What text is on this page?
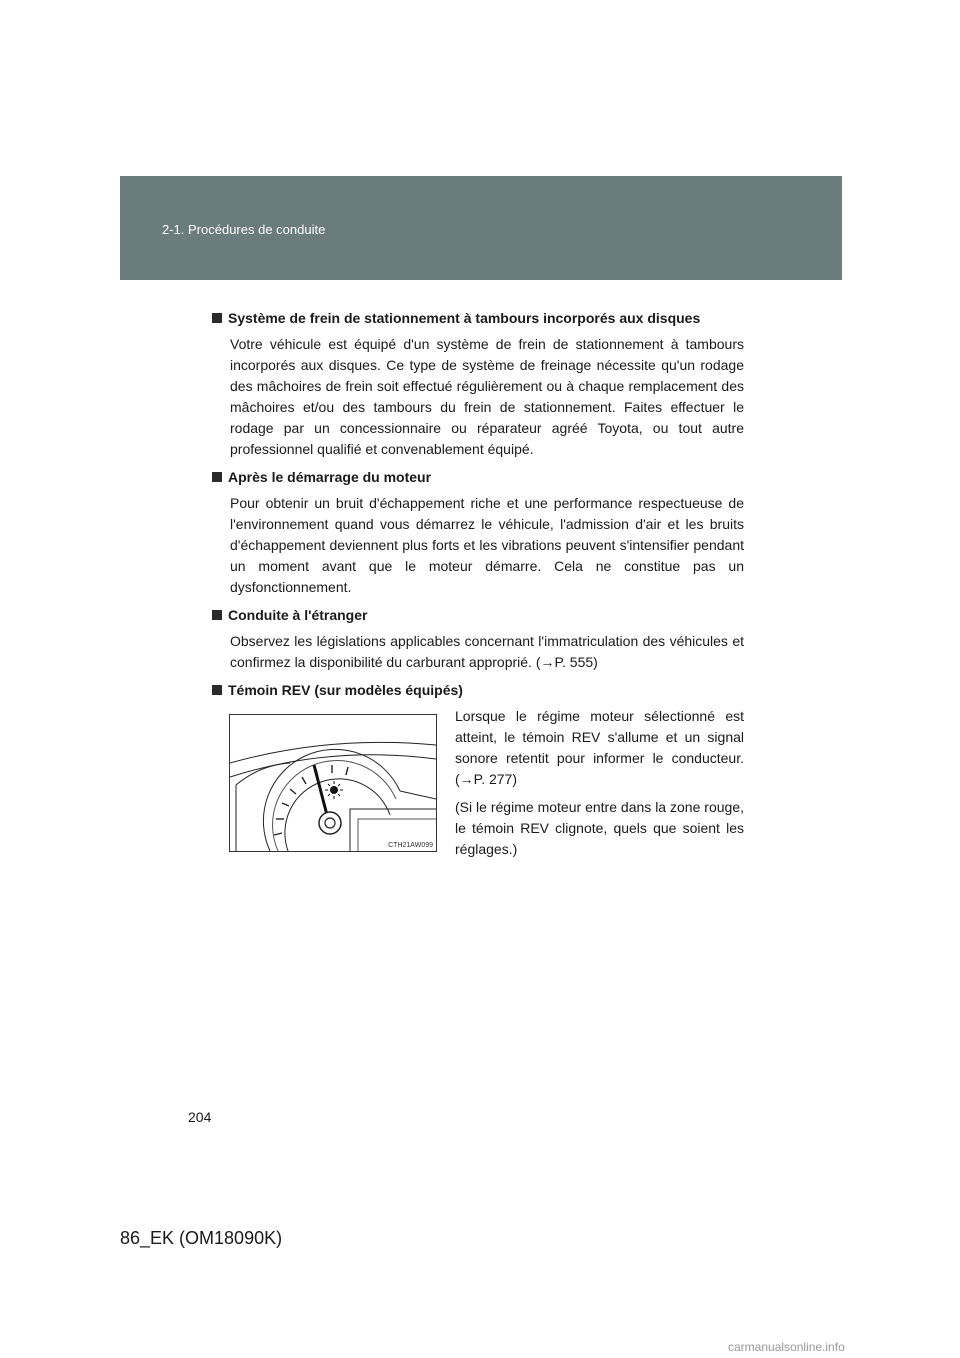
2-1. Procédures de conduite
Système de frein de stationnement à tambours incorporés aux disques

Votre véhicule est équipé d'un système de frein de stationnement à tambours incorporés aux disques. Ce type de système de freinage nécessite qu'un rodage des mâchoires de frein soit effectué régulièrement ou à chaque remplacement des mâchoires et/ou des tambours du frein de stationnement. Faites effectuer le rodage par un concessionnaire ou réparateur agréé Toyota, ou tout autre professionnel qualifié et convenablement équipé.

Après le démarrage du moteur

Pour obtenir un bruit d'échappement riche et une performance respectueuse de l'environnement quand vous démarrez le véhicule, l'admission d'air et les bruits d'échappement deviennent plus forts et les vibrations peuvent s'intensifier pendant un moment avant que le moteur démarre. Cela ne constitue pas un dysfonctionnement.

Conduite à l'étranger

Observez les législations applicables concernant l'immatriculation des véhicules et confirmez la disponibilité du carburant approprié. (→P. 555)

Témoin REV (sur modèles équipés)
CTH21AW099

Lorsque le régime moteur sélectionné est atteint, le témoin REV s'allume et un signal sonore retentit pour informer le conducteur. (→P. 277)

(Si le régime moteur entre dans la zone rouge, le témoin REV clignote, quels que soient les réglages.)

204
86_EK (OM18090K)
carmanualsonline.info
